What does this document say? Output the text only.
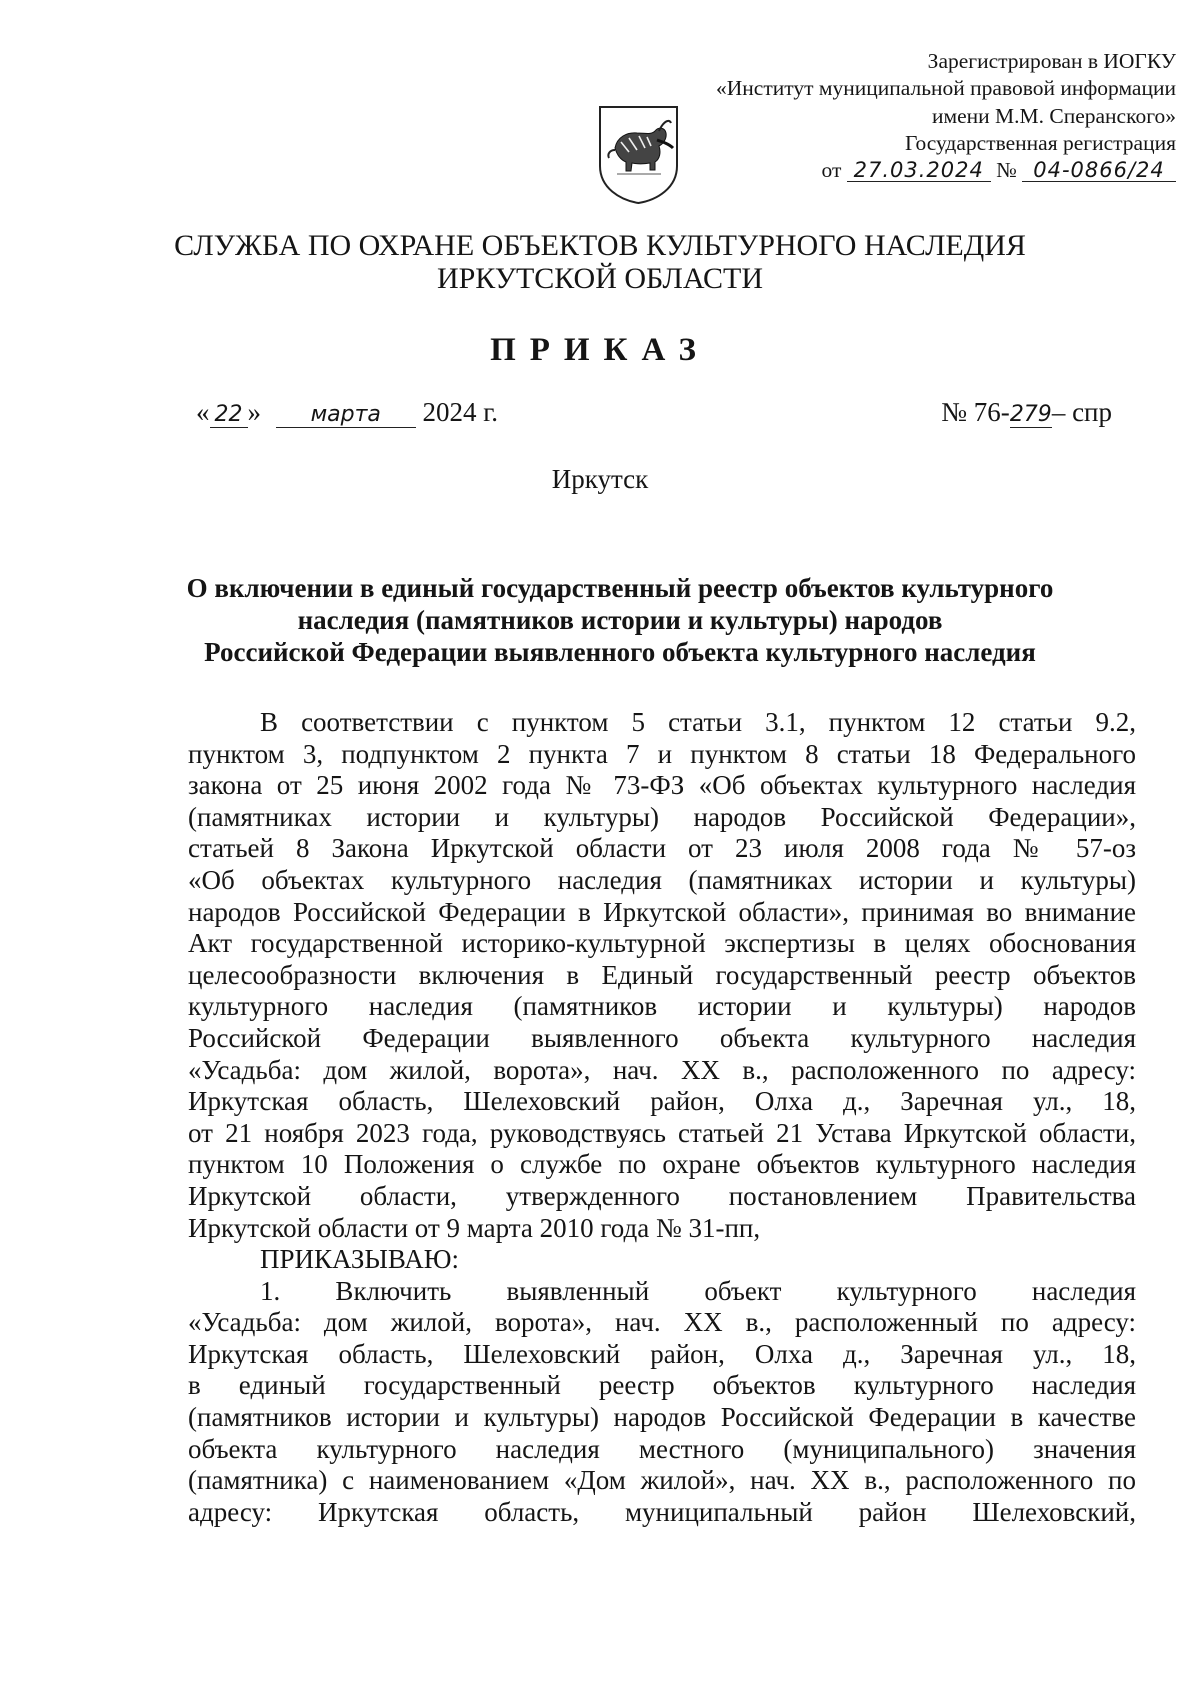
Зарегистрирован в ИОГКУ
«Институт муниципальной правовой информации
имени М.М. Сперанского»
Государственная регистрация
от 27.03.2024 № 04-0866/24
СЛУЖБА ПО ОХРАНЕ ОБЪЕКТОВ КУЛЬТУРНОГО НАСЛЕДИЯ
ИРКУТСКОЙ ОБЛАСТИ
ПРИКАЗ
« 22 » марта 2024 г.	№ 76-279– спр
Иркутск
О включении в единый государственный реестр объектов культурного
наследия (памятников истории и культуры) народов
Российской Федерации выявленного объекта культурного наследия
В соответствии с пунктом 5 статьи 3.1, пунктом 12 статьи 9.2,
пунктом 3, подпунктом 2 пункта 7 и пунктом 8 статьи 18 Федерального
закона от 25 июня 2002 года № 73-ФЗ «Об объектах культурного наследия
(памятниках истории и культуры) народов Российской Федерации»,
статьей 8 Закона Иркутской области от 23 июля 2008 года № 57-оз
«Об объектах культурного наследия (памятниках истории и культуры)
народов Российской Федерации в Иркутской области», принимая во внимание
Акт государственной историко-культурной экспертизы в целях обоснования
целесообразности включения в Единый государственный реестр объектов
культурного наследия (памятников истории и культуры) народов
Российской Федерации выявленного объекта культурного наследия
«Усадьба: дом жилой, ворота», нач. XX в., расположенного по адресу:
Иркутская область, Шелеховский район, Олха д., Заречная ул., 18,
от 21 ноября 2023 года, руководствуясь статьей 21 Устава Иркутской области,
пунктом 10 Положения о службе по охране объектов культурного наследия
Иркутской области, утвержденного постановлением Правительства
Иркутской области от 9 марта 2010 года № 31-пп,
ПРИКАЗЫВАЮ:
1. Включить выявленный объект культурного наследия
«Усадьба: дом жилой, ворота», нач. XX в., расположенный по адресу:
Иркутская область, Шелеховский район, Олха д., Заречная ул., 18,
в единый государственный реестр объектов культурного наследия
(памятников истории и культуры) народов Российской Федерации в качестве
объекта культурного наследия местного (муниципального) значения
(памятника) с наименованием «Дом жилой», нач. XX в., расположенного по
адресу: Иркутская область, муниципальный район Шелеховский,
